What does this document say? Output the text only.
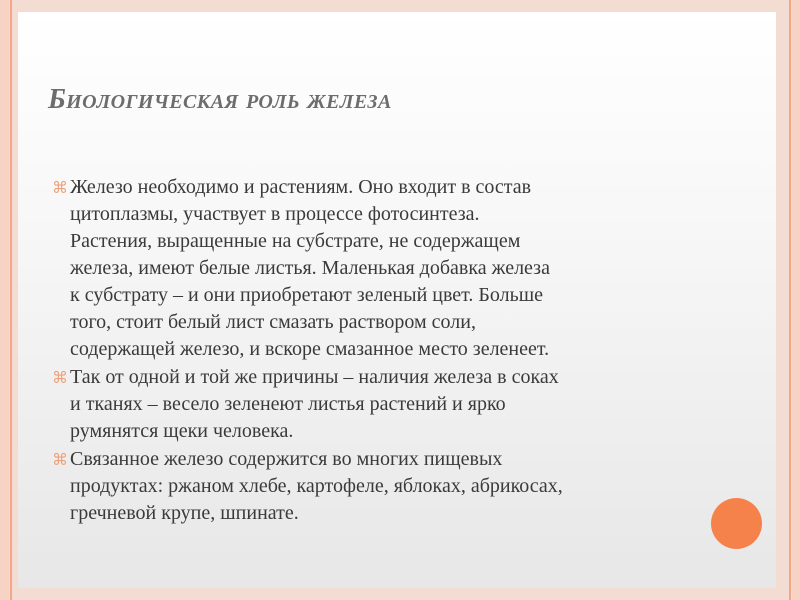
Биологическая роль железа
⌘ Железо необходимо и растениям. Оно входит в состав
цитоплазмы, участвует в процессе фотосинтеза.
Растения, выращенные на субстрате, не содержащем
железа, имеют белые листья. Маленькая добавка железа
к субстрату – и они приобретают зеленый цвет. Больше
того, стоит белый лист смазать раствором соли,
содержащей железо, и вскоре смазанное место зеленеет.
⌘ Так от одной и той же причины – наличия железа в соках
и тканях – весело зеленеют листья растений и ярко
румянятся щеки человека.
⌘ Связанное железо содержится во многих пищевых
продуктах: ржаном хлебе, картофеле, яблоках, абрикосах,
гречневой крупе, шпинате.
